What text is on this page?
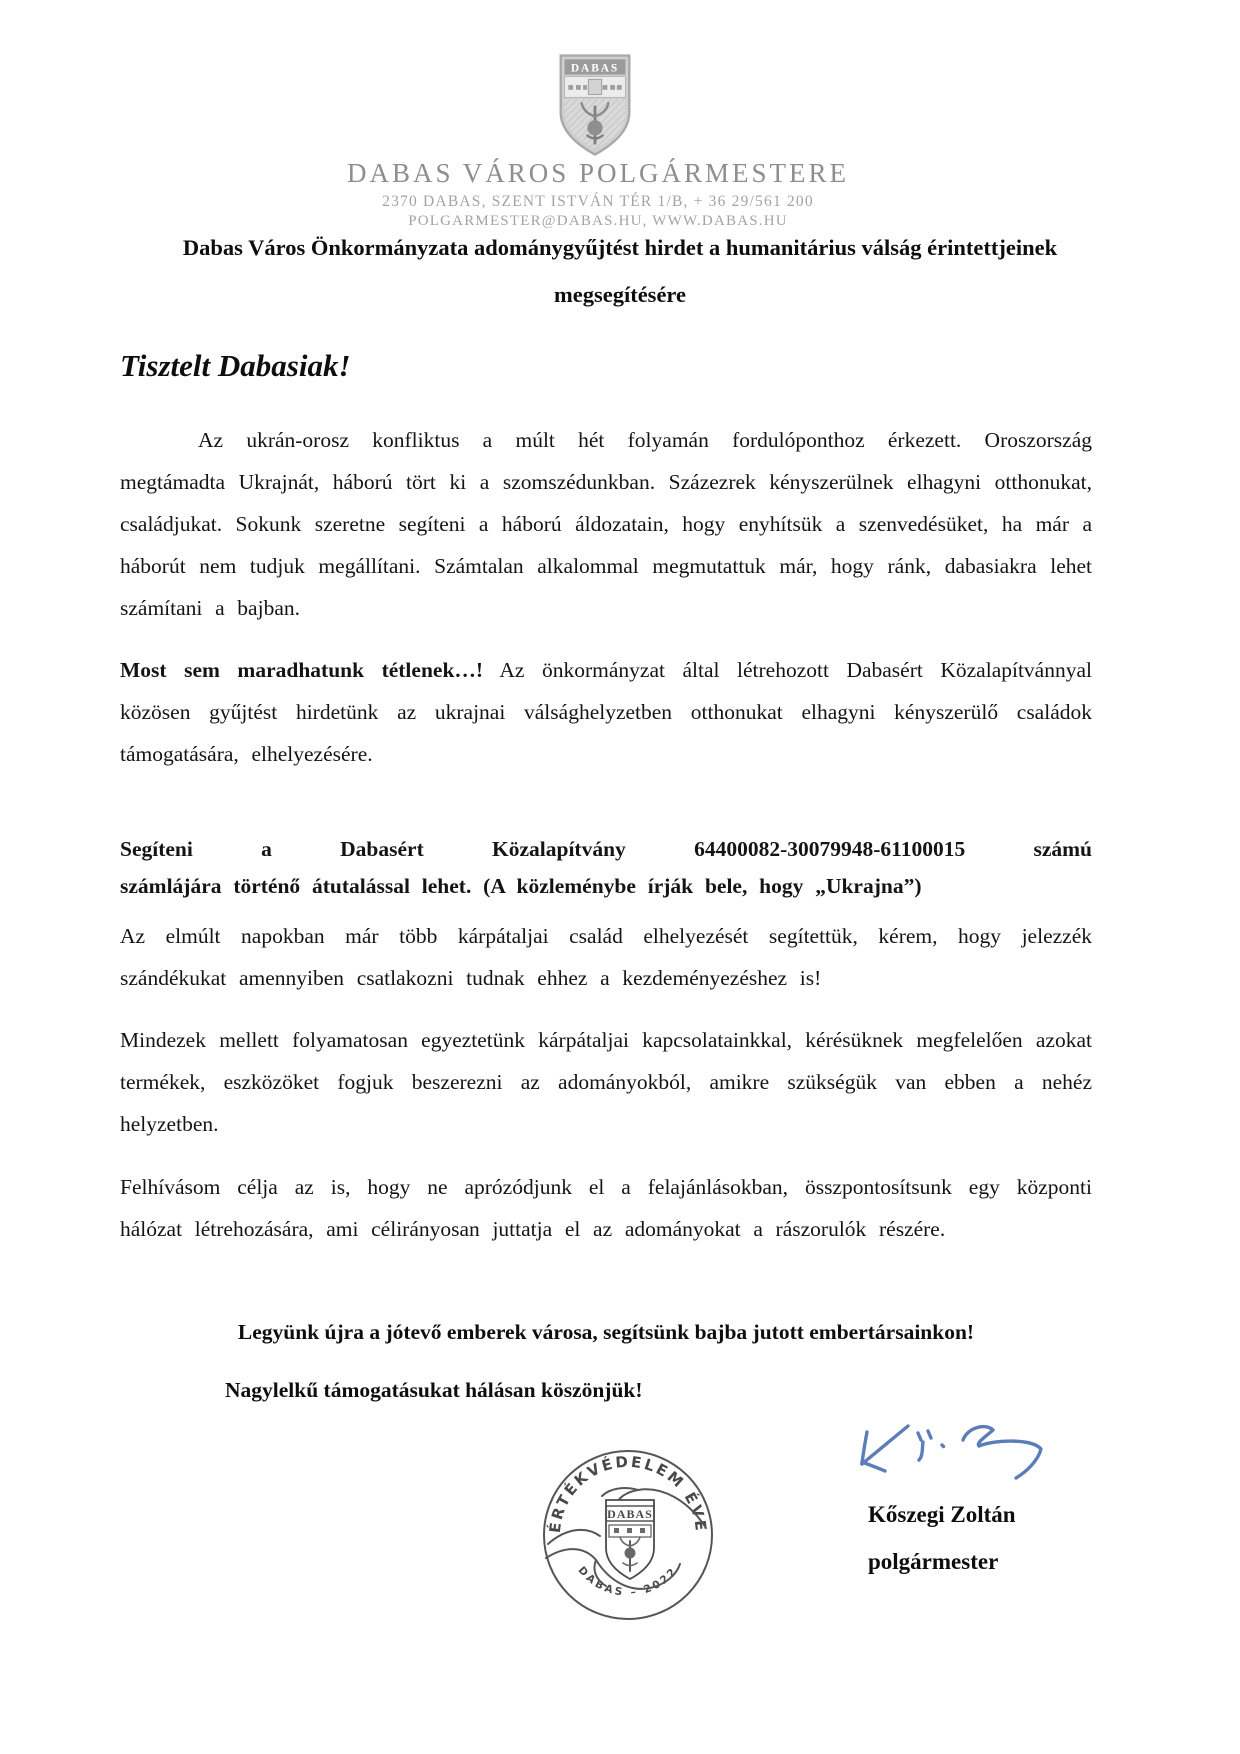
DABAS
DABAS VÁROS POLGÁRMESTERE
2370 DABAS, SZENT ISTVÁN TÉR 1/B, + 36 29/561 200
POLGARMESTER@DABAS.HU, WWW.DABAS.HU
Dabas Város Önkormányzata adománygyűjtést hirdet a humanitárius válság érintettjeinek megsegítésére
Tisztelt Dabasiak!

Az ukrán-orosz konfliktus a múlt hét folyamán fordulóponthoz érkezett. Oroszország megtámadta Ukrajnát, háború tört ki a szomszédunkban. Százezrek kényszerülnek elhagyni otthonukat, családjukat. Sokunk szeretne segíteni a háború áldozatain, hogy enyhítsük a szenvedésüket, ha már a háborút nem tudjuk megállítani. Számtalan alkalommal megmutattuk már, hogy ránk, dabasiakra lehet számítani a bajban.

Most sem maradhatunk tétlenek…! Az önkormányzat által létrehozott Dabasért Közalapítvánnyal közösen gyűjtést hirdetünk az ukrajnai válsághelyzetben otthonukat elhagyni kényszerülő családok támogatására, elhelyezésére.

Segíteni a Dabasért Közalapítvány 64400082-30079948-61100015 számú
számlájára történő átutalással lehet. (A közleménybe írják bele, hogy „Ukrajna”)

Az elmúlt napokban már több kárpátaljai család elhelyezését segítettük, kérem, hogy jelezzék szándékukat amennyiben csatlakozni tudnak ehhez a kezdeményezéshez is!

Mindezek mellett folyamatosan egyeztetünk kárpátaljai kapcsolatainkkal, kérésüknek megfelelően azokat termékek, eszközöket fogjuk beszerezni az adományokból, amikre szükségük van ebben a nehéz helyzetben.

Felhívásom célja az is, hogy ne aprózódjunk el a felajánlásokban, összpontosítsunk egy központi hálózat létrehozására, ami célirányosan juttatja el az adományokat a rászorulók részére.

Legyünk újra a jótevő emberek városa, segítsünk bajba jutott embertársainkon!
Nagylelkű támogatásukat hálásan köszönjük!
ÉRTÉKVÉDELEM ÉVE
DABAS – 2022
DABAS	Kőszegi Zoltán
polgármester
